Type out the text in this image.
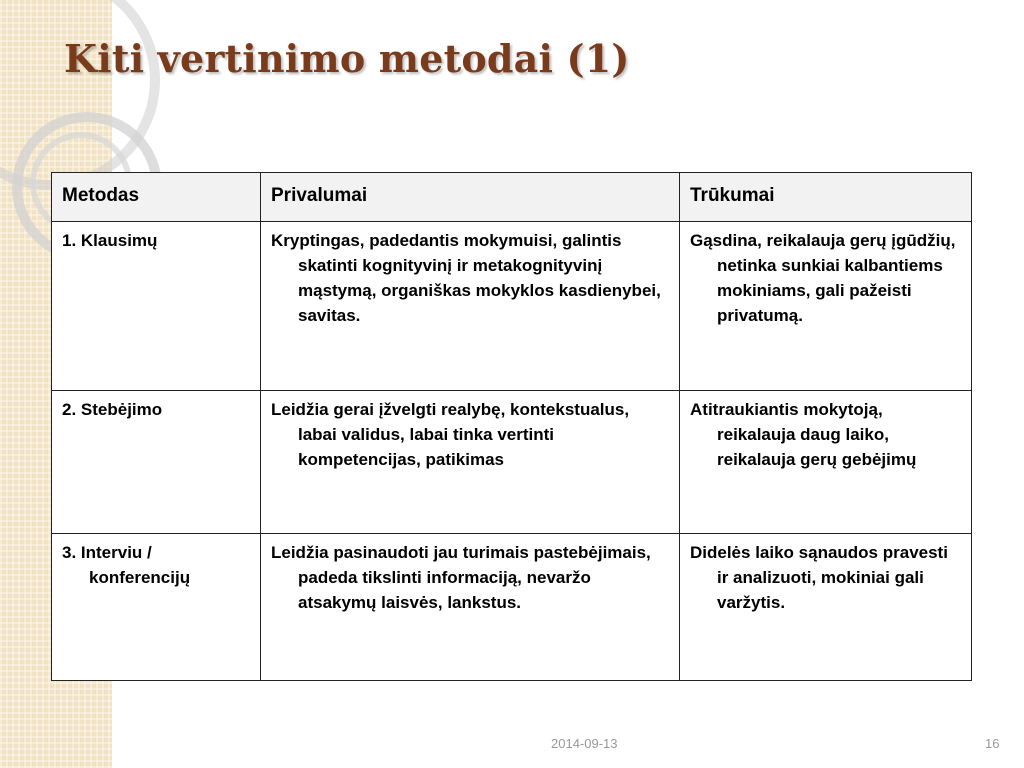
Kiti vertinimo metodai (1)
Metodas	Privalumai	Trūkumai
1. Klausimų	Kryptingas, padedantis mokymuisi, galintis skatinti kognityvinį ir metakognityvinį mąstymą, organiškas mokyklos kasdienybei, savitas.	Gąsdina, reikalauja gerų įgūdžių, netinka sunkiai kalbantiems mokiniams, gali pažeisti privatumą.
2. Stebėjimo	Leidžia gerai įžvelgti realybę, kontekstualus, labai validus, labai tinka vertinti kompetencijas, patikimas	Atitraukiantis mokytoją, reikalauja daug laiko, reikalauja gerų gebėjimų
3. Interviu / konferencijų	Leidžia pasinaudoti jau turimais pastebėjimais, padeda tikslinti informaciją, nevaržo atsakymų laisvės, lankstus.	Didelės laiko sąnaudos pravesti ir analizuoti, mokiniai gali varžytis.
2014-09-13	16
